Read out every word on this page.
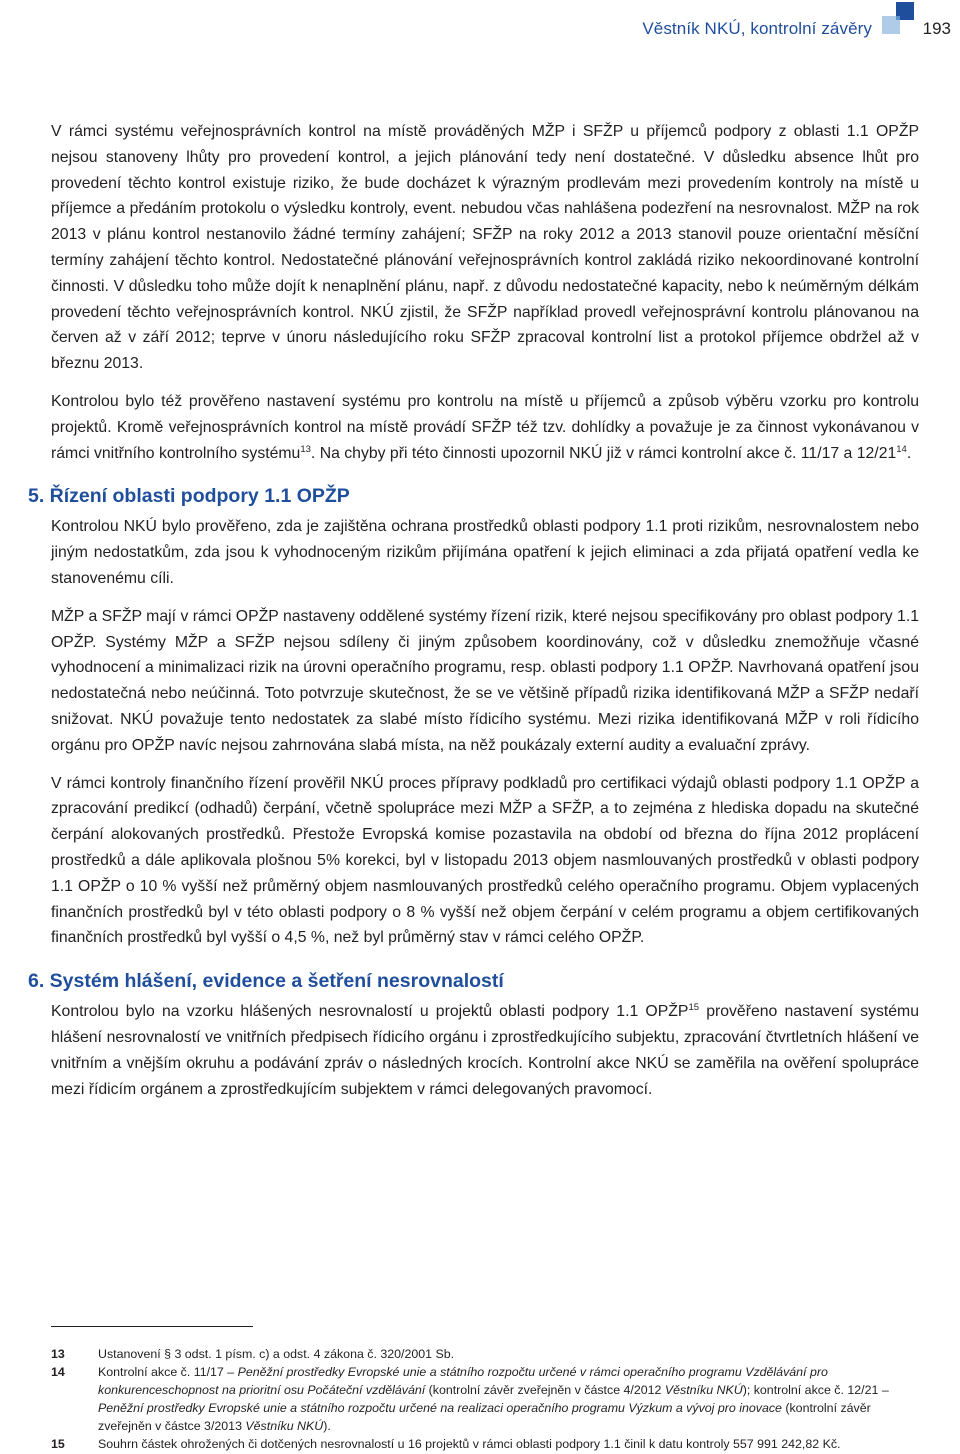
Věstník NKÚ, kontrolní závěry	193

V rámci systému veřejnosprávních kontrol na místě prováděných MŽP i SFŽP u příjemců podpory z oblasti 1.1 OPŽP nejsou stanoveny lhůty pro provedení kontrol, a jejich plánování tedy není dostatečné. V důsledku absence lhůt pro provedení těchto kontrol existuje riziko, že bude docházet k výrazným prodlevám mezi provedením kontroly na místě u příjemce a předáním protokolu o výsledku kontroly, event. nebudou včas nahlášena podezření na nesrovnalost. MŽP na rok 2013 v plánu kontrol nestanovilo žádné termíny zahájení; SFŽP na roky 2012 a 2013 stanovil pouze orientační měsíční termíny zahájení těchto kontrol. Nedostatečné plánování veřejnosprávních kontrol zakládá riziko nekoordinované kontrolní činnosti. V důsledku toho může dojít k nenaplnění plánu, např. z důvodu nedostatečné kapacity, nebo k neúměrným délkám provedení těchto veřejnosprávních kontrol. NKÚ zjistil, že SFŽP například provedl veřejnosprávní kontrolu plánovanou na červen až v září 2012; teprve v únoru následujícího roku SFŽP zpracoval kontrolní list a protokol příjemce obdržel až v březnu 2013.

Kontrolou bylo též prověřeno nastavení systému pro kontrolu na místě u příjemců a způsob výběru vzorku pro kontrolu projektů. Kromě veřejnosprávních kontrol na místě provádí SFŽP též tzv. dohlídky a považuje je za činnost vykonávanou v rámci vnitřního kontrolního systému$^{13}$. Na chyby při této činnosti upozornil NKÚ již v rámci kontrolní akce č. 11/17 a $12/21^{14}$.

5. Řízení oblasti podpory 1.1 OPŽP

Kontrolou NKÚ bylo prověřeno, zda je zajištěna ochrana prostředků oblasti podpory 1.1 proti rizikům, nesrovnalostem nebo jiným nedostatkům, zda jsou k vyhodnoceným rizikům přijímána opatření k jejich eliminaci a zda přijatá opatření vedla ke stanovenému cíli.

MŽP a SFŽP mají v rámci OPŽP nastaveny oddělené systémy řízení rizik, které nejsou specifikovány pro oblast podpory 1.1 OPŽP. Systémy MŽP a SFŽP nejsou sdíleny či jiným způsobem koordinovány, což v důsledku znemožňuje včasné vyhodnocení a minimalizaci rizik na úrovni operačního programu, resp. oblasti podpory 1.1 OPŽP. Navrhovaná opatření jsou nedostatečná nebo neúčinná. Toto potvrzuje skutečnost, že se ve většině případů rizika identifikovaná MŽP a SFŽP nedaří snižovat. NKÚ považuje tento nedostatek za slabé místo řídicího systému. Mezi rizika identifikovaná MŽP v roli řídicího orgánu pro OPŽP navíc nejsou zahrnována slabá místa, na něž poukázaly externí audity a evaluační zprávy.

V rámci kontroly finančního řízení prověřil NKÚ proces přípravy podkladů pro certifikaci výdajů oblasti podpory 1.1 OPŽP a zpracování predikcí (odhadů) čerpání, včetně spolupráce mezi MŽP a SFŽP, a to zejména z hlediska dopadu na skutečné čerpání alokovaných prostředků. Přestože Evropská komise pozastavila na období od března do října 2012 proplácení prostředků a dále aplikovala plošnou 5% korekci, byl v listopadu 2013 objem nasmlouvaných prostředků v oblasti podpory 1.1 OPŽP o 10 % vyšší než průměrný objem nasmlouvaných prostředků celého operačního programu. Objem vyplacených finančních prostředků byl v této oblasti podpory o 8 % vyšší než objem čerpání v celém programu a objem certifikovaných finančních prostředků byl vyšší o 4,5 %, než byl průměrný stav v rámci celého OPŽP.

6. Systém hlášení, evidence a šetření nesrovnalostí

Kontrolou bylo na vzorku hlášených nesrovnalostí u projektů oblasti podpory 1.1 OPŽP$^{15}$ prověřeno nastavení systému hlášení nesrovnalostí ve vnitřních předpisech řídicího orgánu i zprostředkujícího subjektu, zpracování čtvrtletních hlášení ve vnitřním a vnějším okruhu a podávání zpráv o následných krocích. Kontrolní akce NKÚ se zaměřila na ověření spolupráce mezi řídicím orgánem a zprostředkujícím subjektem v rámci delegovaných pravomocí.

13	Ustanovení § 3 odst. 1 písm. c) a odst. 4 zákona č. 320/2001 Sb.
14	Kontrolní akce č. 11/17 – Peněžní prostředky Evropské unie a státního rozpočtu určené v rámci operačního programu Vzdělávání pro konkurenceschopnost na prioritní osu Počáteční vzdělávání (kontrolní závěr zveřejněn v částce 4/2012 Věstníku NKÚ); kontrolní akce č. 12/21 – Peněžní prostředky Evropské unie a státního rozpočtu určené na realizaci operačního programu Výzkum a vývoj pro inovace (kontrolní závěr zveřejněn v částce 3/2013 Věstníku NKÚ).
15	Souhrn částek ohrožených či dotčených nesrovnalostí u 16 projektů v rámci oblasti podpory 1.1 činil k datu kontroly 557 991 242,82 Kč.
